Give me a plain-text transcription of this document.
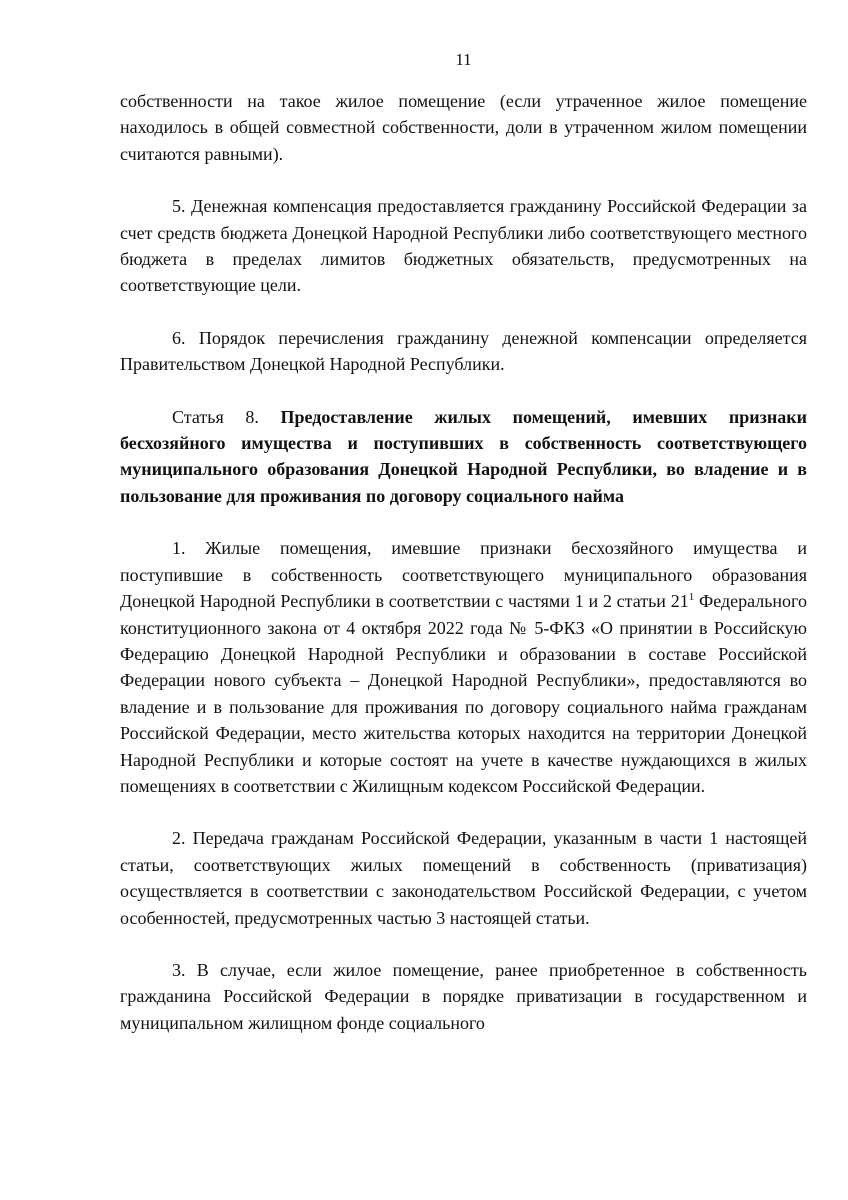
11

собственности на такое жилое помещение (если утраченное жилое помещение находилось в общей совместной собственности, доли в утраченном жилом помещении считаются равными).

5. Денежная компенсация предоставляется гражданину Российской Федерации за счет средств бюджета Донецкой Народной Республики либо соответствующего местного бюджета в пределах лимитов бюджетных обязательств, предусмотренных на соответствующие цели.

6. Порядок перечисления гражданину денежной компенсации определяется Правительством Донецкой Народной Республики.

Статья 8. Предоставление жилых помещений, имевших признаки бесхозяйного имущества и поступивших в собственность соответствующего муниципального образования Донецкой Народной Республики, во владение и в пользование для проживания по договору социального найма

1. Жилые помещения, имевшие признаки бесхозяйного имущества и поступившие в собственность соответствующего муниципального образования Донецкой Народной Республики в соответствии с частями 1 и 2 статьи $21^1$ Федерального конституционного закона от 4 октября 2022 года № 5-ФКЗ «О принятии в Российскую Федерацию Донецкой Народной Республики и образовании в составе Российской Федерации нового субъекта – Донецкой Народной Республики», предоставляются во владение и в пользование для проживания по договору социального найма гражданам Российской Федерации, место жительства которых находится на территории Донецкой Народной Республики и которые состоят на учете в качестве нуждающихся в жилых помещениях в соответствии с Жилищным кодексом Российской Федерации.

2. Передача гражданам Российской Федерации, указанным в части 1 настоящей статьи, соответствующих жилых помещений в собственность (приватизация) осуществляется в соответствии с законодательством Российской Федерации, с учетом особенностей, предусмотренных частью 3 настоящей статьи.

3. В случае, если жилое помещение, ранее приобретенное в собственность гражданина Российской Федерации в порядке приватизации в государственном и муниципальном жилищном фонде социального
